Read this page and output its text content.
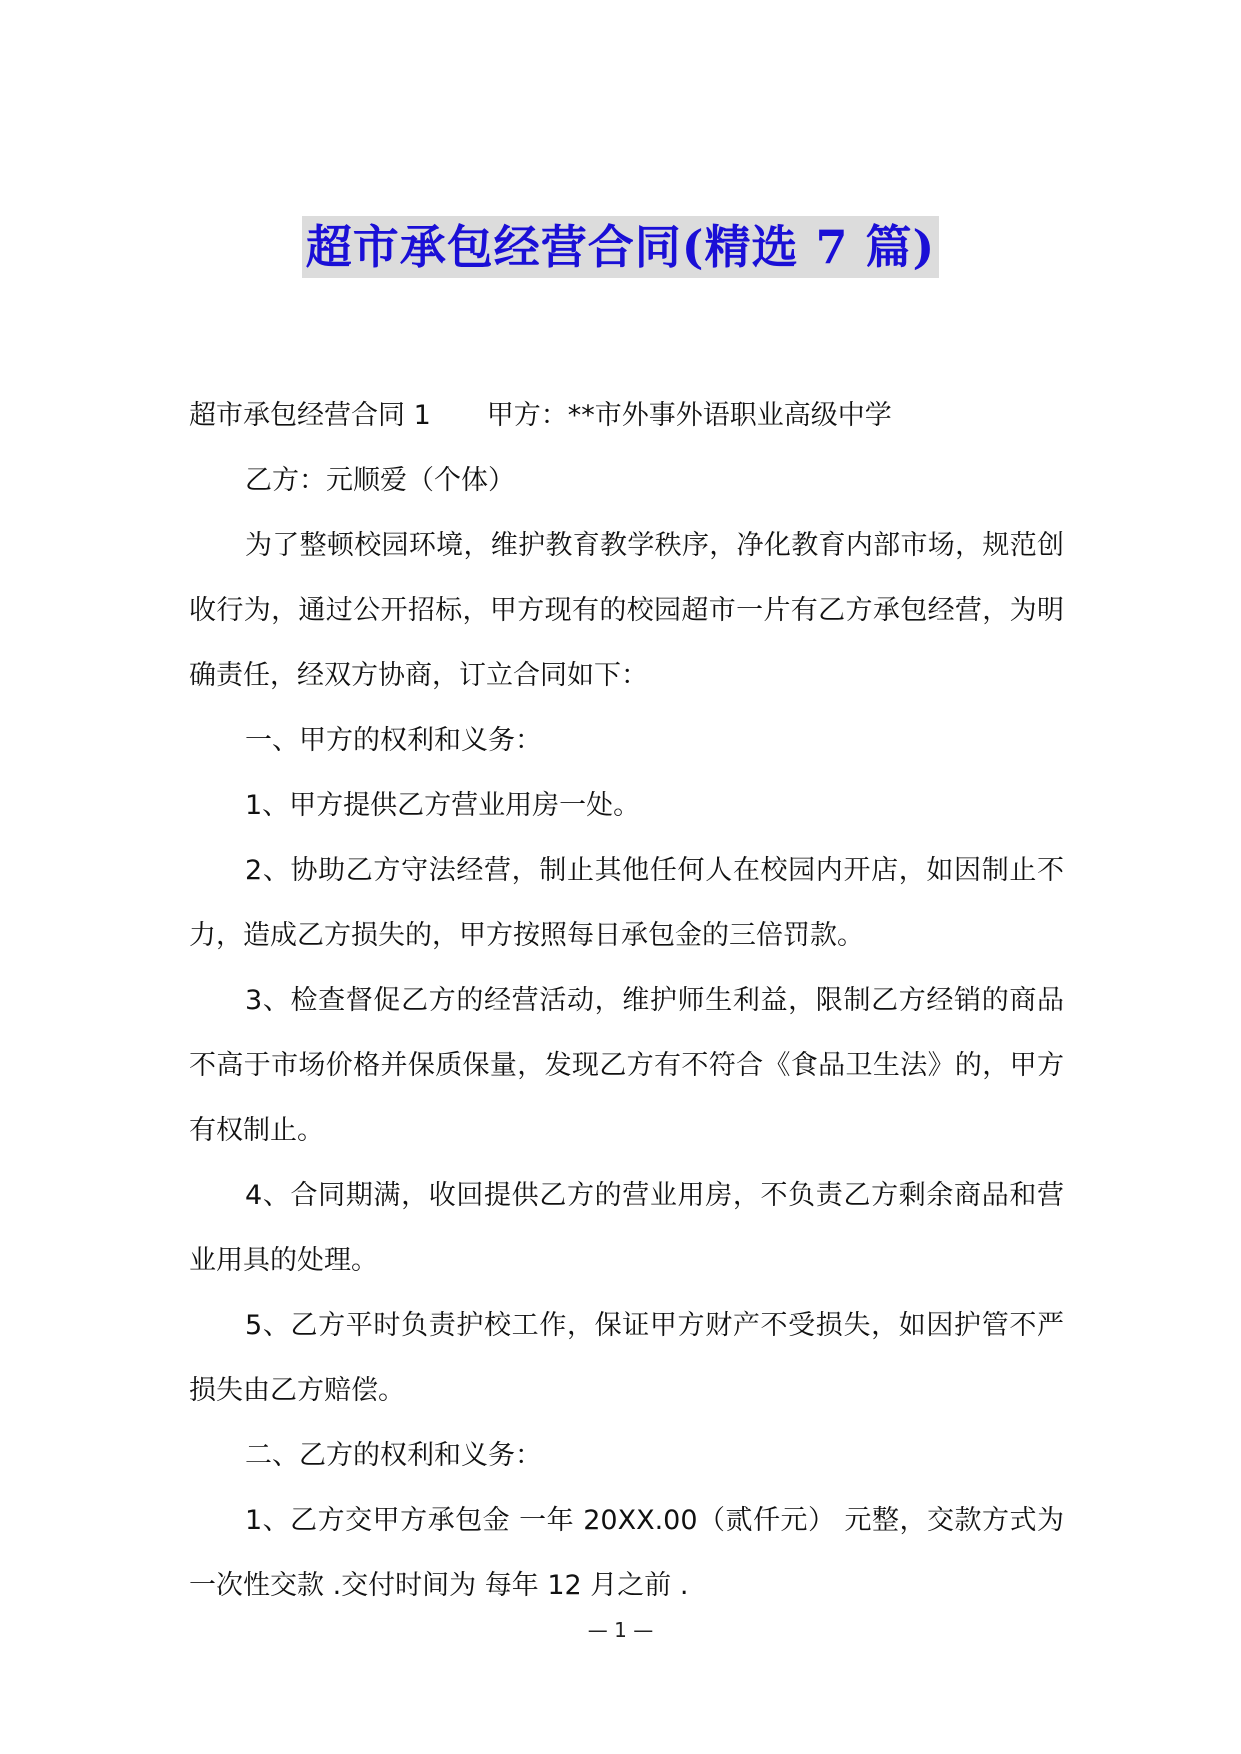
超市承包经营合同(精选 7 篇)

超市承包经营合同 1 甲方：**市外事外语职业高级中学

乙方：元顺爱（个体）

为了整顿校园环境，维护教育教学秩序，净化教育内部市场，规范创收行为，通过公开招标，甲方现有的校园超市一片有乙方承包经营，为明确责任，经双方协商，订立合同如下：

一、甲方的权利和义务：

1、甲方提供乙方营业用房一处。

2、协助乙方守法经营，制止其他任何人在校园内开店，如因制止不力，造成乙方损失的，甲方按照每日承包金的三倍罚款。

3、检查督促乙方的经营活动，维护师生利益，限制乙方经销的商品不高于市场价格并保质保量，发现乙方有不符合《食品卫生法》的，甲方有权制止。

4、合同期满，收回提供乙方的营业用房，不负责乙方剩余商品和营业用具的处理。

5、乙方平时负责护校工作，保证甲方财产不受损失，如因护管不严损失由乙方赔偿。

二、乙方的权利和义务：

1、乙方交甲方承包金 一年 20XX.00（贰仟元） 元整，交款方式为 一次性交款 .交付时间为 每年 12 月之前 .

— 1 —
